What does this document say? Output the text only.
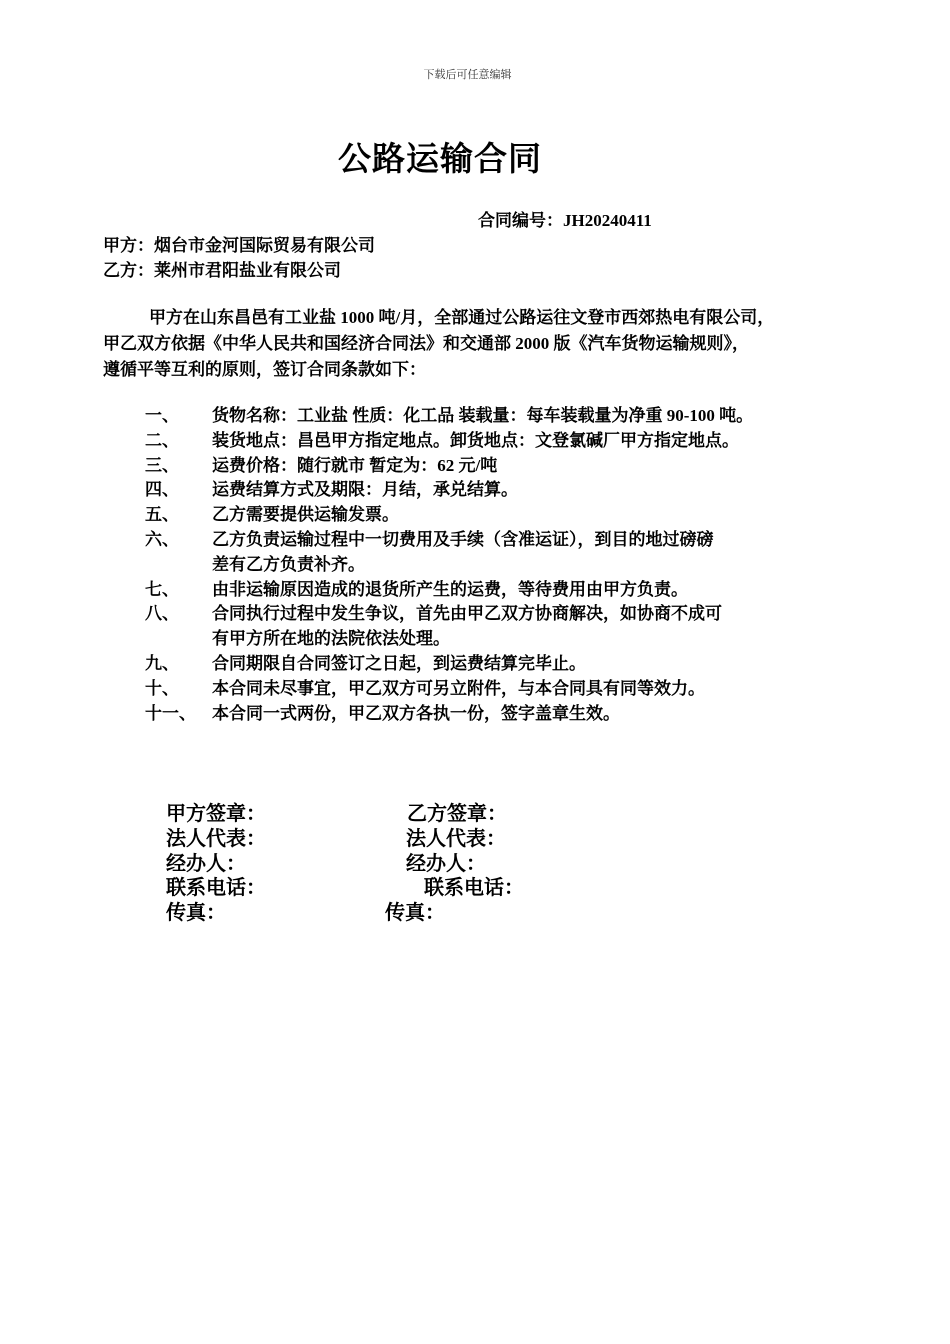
下载后可任意编辑
公路运输合同
合同编号：JH20240411
甲方：烟台市金河国际贸易有限公司
乙方：莱州市君阳盐业有限公司

甲方在山东昌邑有工业盐 1000 吨/月，全部通过公路运往文登市西郊热电有限公司，

甲乙双方依据《中华人民共和国经济合同法》和交通部 2000 版《汽车货物运输规则》，

遵循平等互利的原则，签订合同条款如下：

一、	货物名称：工业盐 性质：化工品 装载量：每车装载量为净重 90-100 吨。
二、	装货地点：昌邑甲方指定地点。卸货地点：文登氯碱厂甲方指定地点。
三、	运费价格：随行就市 暂定为：62 元/吨
四、	运费结算方式及期限：月结，承兑结算。
五、	乙方需要提供运输发票。
六、	乙方负责运输过程中一切费用及手续（含准运证），到目的地过磅磅
差有乙方负责补齐。
七、	由非运输原因造成的退货所产生的运费，等待费用由甲方负责。
八、	合同执行过程中发生争议，首先由甲乙双方协商解决，如协商不成可
有甲方所在地的法院依法处理。
九、	合同期限自合同签订之日起，到运费结算完毕止。
十、	本合同未尽事宜，甲乙双方可另立附件，与本合同具有同等效力。
十一、 本合同一式两份，甲乙双方各执一份，签字盖章生效。
甲方签章：	乙方签章：
法人代表：	法人代表：
经办人：	经办人：
联系电话：	联系电话：
传真：	传真：
